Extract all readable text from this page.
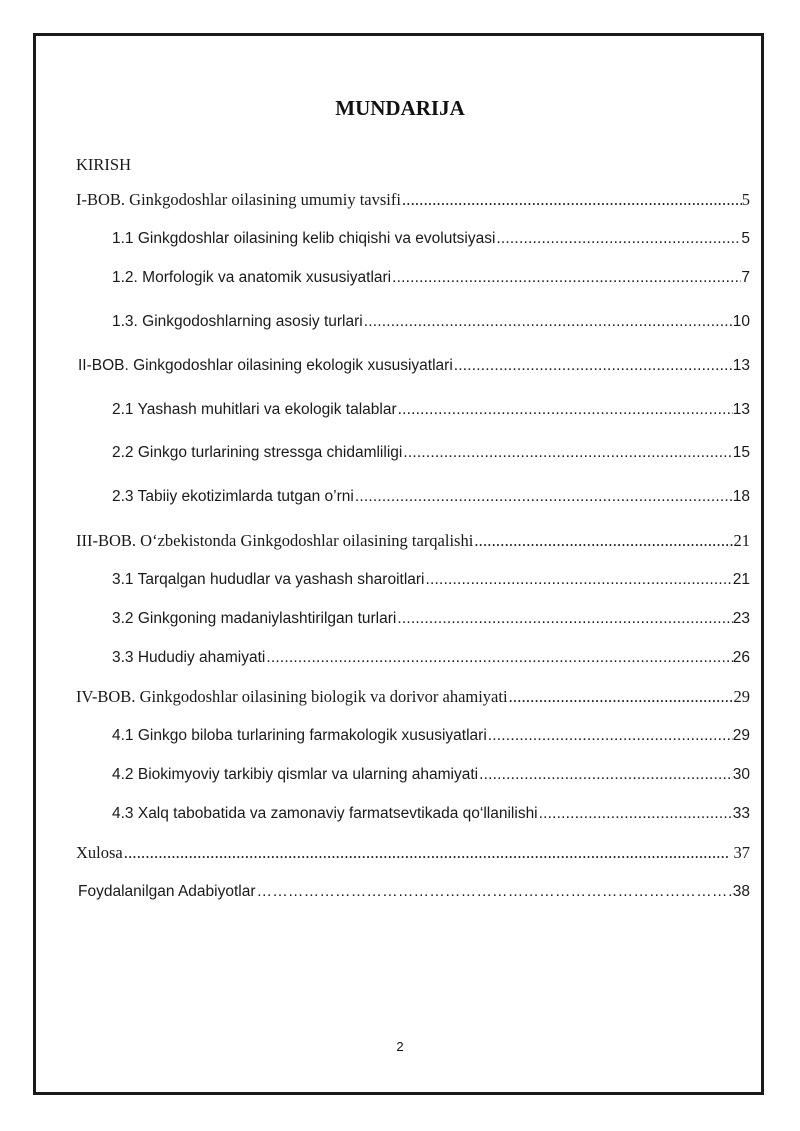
MUNDARIJA
KIRISH
I-BOB. Ginkgodoshlar oilasining umumiy tavsifi .....	5
1.1 Ginkgdoshlar oilasining kelib chiqishi va evolutsiyasi .....	5
1.2. Morfologik va anatomik xususiyatlari .....	7
1.3. Ginkgodoshlarning asosiy turlari .....	10
II-BOB. Ginkgodoshlar oilasining ekologik xususiyatlari .....	13
2.1 Yashash muhitlari va ekologik talablar .....	13
2.2 Ginkgo turlarining stressga chidamliligi .....	15
2.3 Tabiiy ekotizimlarda tutgan o’rni .....	18
III-BOB. O‘zbekistonda Ginkgodoshlar oilasining tarqalishi .....	21
3.1 Tarqalgan hududlar va yashash sharoitlari .....	21
3.2 Ginkgoning madaniylashtirilgan turlari .....	23
3.3 Hududiy ahamiyati .....	26
IV-BOB. Ginkgodoshlar oilasining biologik va dorivor ahamiyati .....	29
4.1 Ginkgo biloba turlarining farmakologik xususiyatlari .....	29
4.2 Biokimyoviy tarkibiy qismlar va ularning ahamiyati .....	30
4.3 Xalq tabobatida va zamonaviy farmatsevtikada qo‘llanilishi .....	33
Xulosa .....	37
Foydalanilgan Adabiyotlar ……………………………………………………………………………………………………………………………………	38
2
